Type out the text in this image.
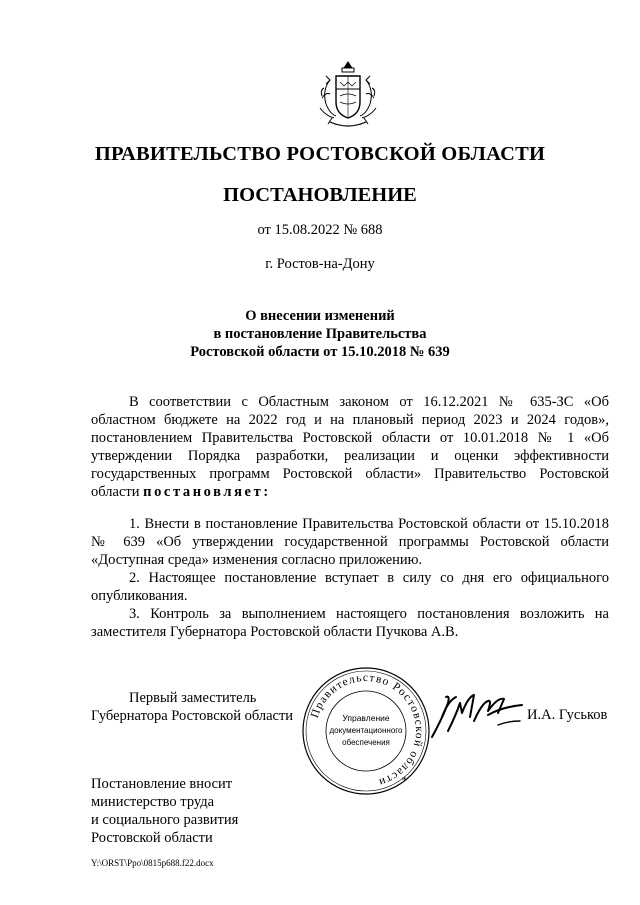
ПРАВИТЕЛЬСТВО РОСТОВСКОЙ ОБЛАСТИ
ПОСТАНОВЛЕНИЕ
от 15.08.2022 № 688
г. Ростов-на-Дону
О внесении изменений
в постановление Правительства
Ростовской области от 15.10.2018 № 639
В соответствии с Областным законом от 16.12.2021 № 635-ЗС «Об областном бюджете на 2022 год и на плановый период 2023 и 2024 годов», постановлением Правительства Ростовской области от 10.01.2018 № 1 «Об утверждении Порядка разработки, реализации и оценки эффективности государственных программ Ростовской области» Правительство Ростовской области постановляет:
1. Внести в постановление Правительства Ростовской области от 15.10.2018 № 639 «Об утверждении государственной программы Ростовской области «Доступная среда» изменения согласно приложению.
2. Настоящее постановление вступает в силу со дня его официального опубликования.
3. Контроль за выполнением настоящего постановления возложить на заместителя Губернатора Ростовской области Пучкова А.В.
Первый заместитель
Губернатора Ростовской области Правительство Ростовской области	*
Управление
документационного
обеспечения
И.А. Гуськов
Постановление вносит
министерство труда
и социального развития
Ростовской области
Y:\ORST\Ppo\0815p688.f22.docx
